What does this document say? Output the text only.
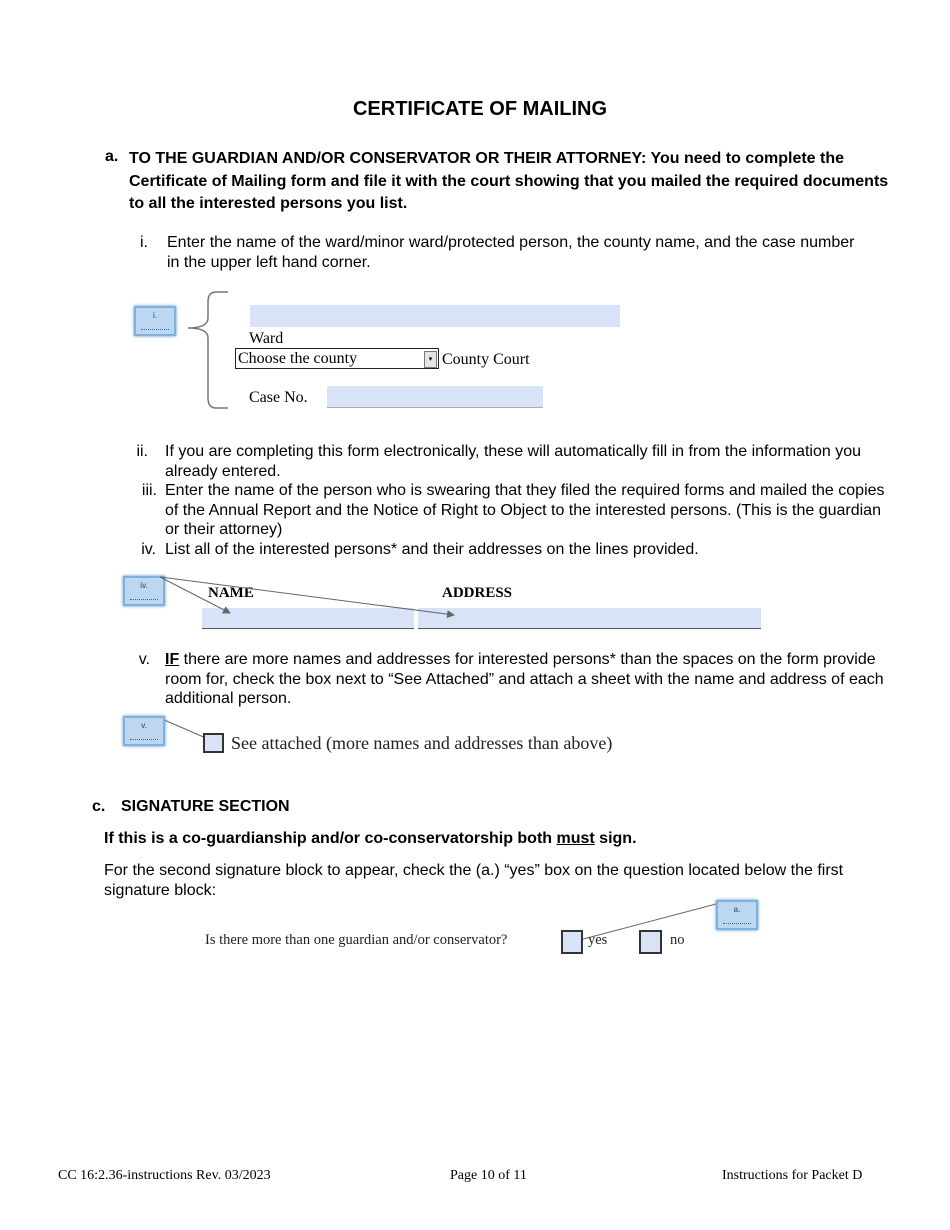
CERTIFICATE OF MAILING
a. TO THE GUARDIAN AND/OR CONSERVATOR OR THEIR ATTORNEY: You need to complete the Certificate of Mailing form and file it with the court showing that you mailed the required documents to all the interested persons you list.
i. Enter the name of the ward/minor ward/protected person, the county name, and the case number in the upper left hand corner.
i.
Ward
Choose the county	▾ County Court
Case No.
ii. If you are completing this form electronically, these will automatically fill in from the information you already entered.
iii. Enter the name of the person who is swearing that they filed the required forms and mailed the copies of the Annual Report and the Notice of Right to Object to the interested persons. (This is the guardian or their attorney)
iv. List all of the interested persons* and their addresses on the lines provided.
iv.	NAME	ADDRESS
v. IF there are more names and addresses for interested persons* than the spaces on the form provide room for, check the box next to “See Attached” and attach a sheet with the name and address of each additional person.
v.
See attached (more names and addresses than above)
c. SIGNATURE SECTION
If this is a co-guardianship and/or co-conservatorship both must sign.
For the second signature block to appear, check the (a.) “yes” box on the question located below the first signature block:
a.
Is there more than one guardian and/or conservator?	yes	no
CC 16:2.36-instructions Rev. 03/2023	Page 10 of 11	Instructions for Packet D
